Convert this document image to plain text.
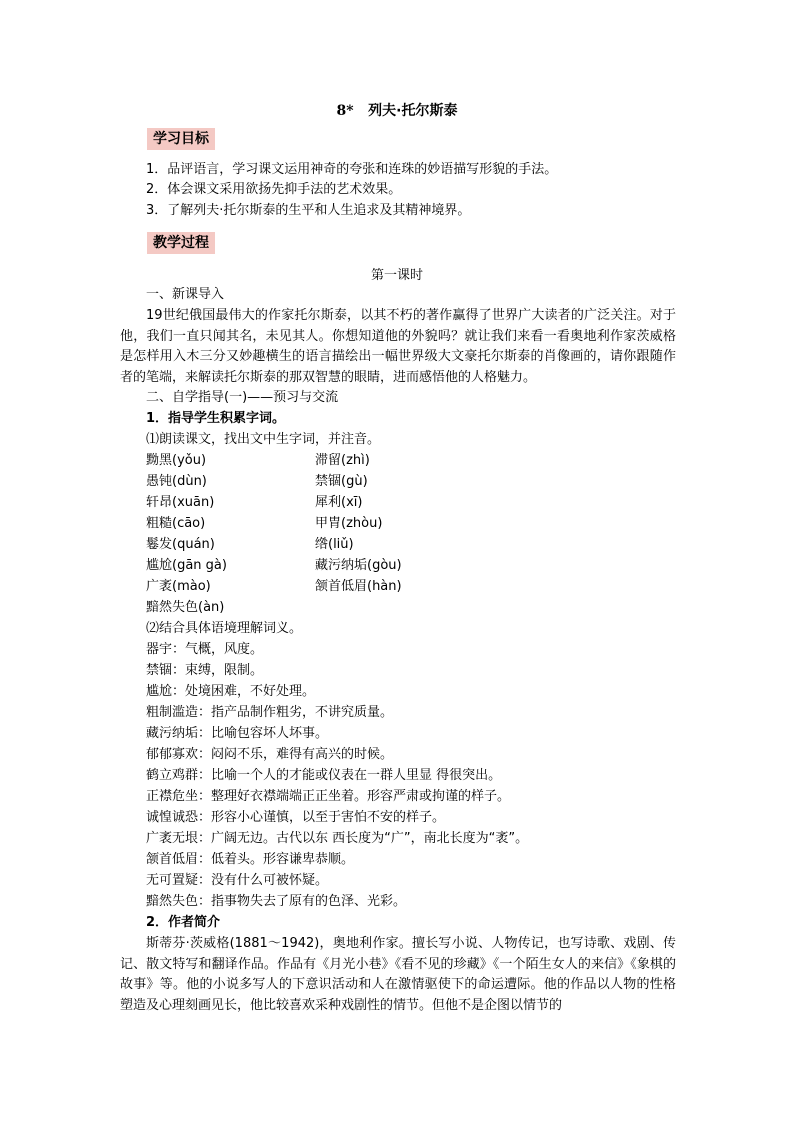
8* 列夫·托尔斯泰
学习目标
1．品评语言，学习课文运用神奇的夸张和连珠的妙语描写形貌的手法。
2．体会课文采用欲扬先抑手法的艺术效果。
3．了解列夫·托尔斯泰的生平和人生追求及其精神境界。
教学过程
第一课时
一、新课导入
19世纪俄国最伟大的作家托尔斯泰，以其不朽的著作赢得了世界广大读者的广泛关注。对于他，我们一直只闻其名，未见其人。你想知道他的外貌吗？就让我们来看一看奥地利作家茨威格是怎样用入木三分又妙趣横生的语言描绘出一幅世界级大文豪托尔斯泰的肖像画的，请你跟随作者的笔端，来解读托尔斯泰的那双智慧的眼睛，进而感悟他的人格魅力。
二、自学指导(一)——预习与交流
1．指导学生积累字词。
⑴朗读课文，找出文中生字词，并注音。
黝黑(yǒu)
愚钝(dùn)
轩昂(xuān)
粗糙(cāo)
鬈发(quán)
尴尬(gān gà)
广袤(mào)
黯然失色(àn)
滞留(zhì)
禁锢(gù)
犀利(xī)
甲胄(zhòu)
绺(liǔ)
藏污纳垢(gòu)
颔首低眉(hàn)
⑵结合具体语境理解词义。
器宇：气概，风度。
禁锢：束缚，限制。
尴尬：处境困难，不好处理。
粗制滥造：指产品制作粗劣，不讲究质量。
藏污纳垢：比喻包容坏人坏事。
郁郁寡欢：闷闷不乐，难得有高兴的时候。
鹤立鸡群：比喻一个人的才能或仪表在一群人里显 得很突出。
正襟危坐：整理好衣襟端端正正坐着。形容严肃或拘谨的样子。
诚惶诚恐：形容小心谨慎，以至于害怕不安的样子。
广袤无垠：广阔无边。古代以东 西长度为“广”，南北长度为“袤”。
颔首低眉：低着头。形容谦卑恭顺。
无可置疑：没有什么可被怀疑。
黯然失色：指事物失去了原有的色泽、光彩。
2．作者简介
斯蒂芬·茨威格(1881～1942)，奥地利作家。擅长写小说、人物传记，也写诗歌、戏剧、传记、散文特写和翻译作品。作品有《月光小巷》《看不见的珍藏》《一个陌生女人的来信》《象棋的故事》等。他的小说多写人的下意识活动和人在激情驱使下的命运遭际。他的作品以人物的性格塑造及心理刻画见长，他比较喜欢采种戏剧性的情节。但他不是企图以情节的
